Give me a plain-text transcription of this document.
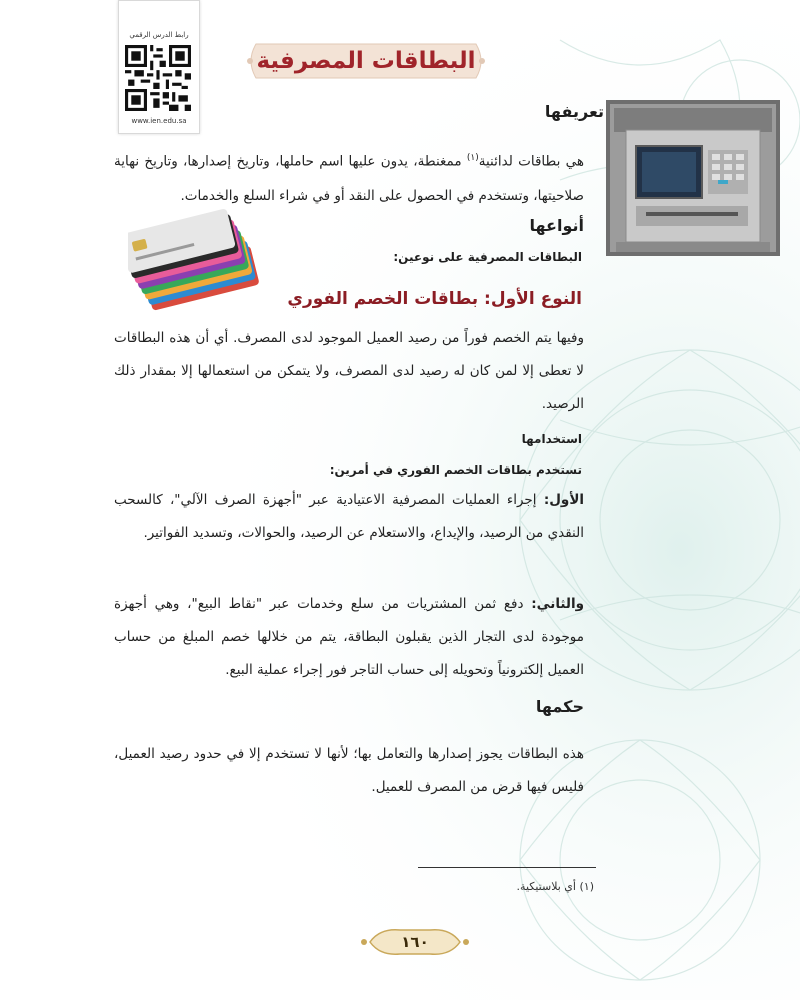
رابط الدرس الرقمي
www.ien.edu.sa
البطاقات المصرفية
تعريفها

هي بطاقات لدائنية$^{(١)}$ ممغنطة، يدون عليها اسم حاملها، وتاريخ إصدارها، وتاريخ نهاية صلاحيتها، وتستخدم في الحصول على النقد أو في شراء السلع والخدمات.

أنواعها
البطاقات المصرفية على نوعين:
النوع الأول: بطاقات الخصم الفوري

وفيها يتم الخصم فوراً من رصيد العميل الموجود لدى المصرف. أي أن هذه البطاقات لا تعطى إلا لمن كان له رصيد لدى المصرف، ولا يتمكن من استعمالها إلا بمقدار ذلك الرصيد.

استخدامها
تستخدم بطاقات الخصم الفوري في أمرين:

الأول: إجراء العمليات المصرفية الاعتيادية عبر "أجهزة الصرف الآلي"، كالسحب النقدي من الرصيد، والإيداع، والاستعلام عن الرصيد، والحوالات، وتسديد الفواتير.

والثاني: دفع ثمن المشتريات من سلع وخدمات عبر "نقاط البيع"، وهي أجهزة موجودة لدى التجار الذين يقبلون البطاقة، يتم من خلالها خصم المبلغ من حساب العميل إلكترونياً وتحويله إلى حساب التاجر فور إجراء عملية البيع.

حكمها

هذه البطاقات يجوز إصدارها والتعامل بها؛ لأنها لا تستخدم إلا في حدود رصيد العميل، فليس فيها قرض من المصرف للعميل.

(١) أي بلاستيكية.
١٦٠
